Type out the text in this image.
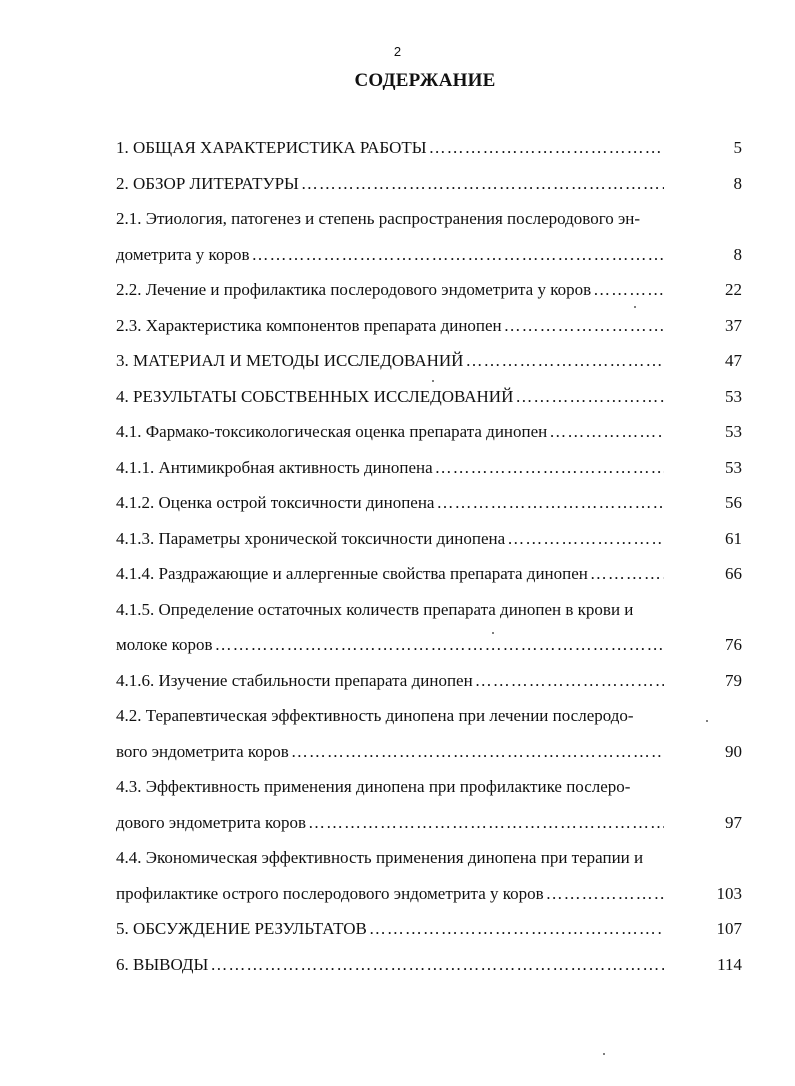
2
СОДЕРЖАНИЕ
1. ОБЩАЯ ХАРАКТЕРИСТИКА РАБОТЫ ……………………………………………………………………………………………………………………………………………………………………………………	5
2. ОБЗОР ЛИТЕРАТУРЫ ……………………………………………………………………………………………………………………………………………………………………………………	8
2.1. Этиология, патогенез и степень распространения послеродового эн-
дометрита у коров ……………………………………………………………………………………………………………………………………………………………………………………	8
2.2. Лечение и профилактика послеродового эндометрита у коров ……………………………………………………………………………………………………………………………………………………………………………………	22
2.3. Характеристика компонентов препарата динопен ……………………………………………………………………………………………………………………………………………………………………………………	37
3. МАТЕРИАЛ И МЕТОДЫ ИССЛЕДОВАНИЙ ……………………………………………………………………………………………………………………………………………………………………………………	47
4. РЕЗУЛЬТАТЫ СОБСТВЕННЫХ ИССЛЕДОВАНИЙ ……………………………………………………………………………………………………………………………………………………………………………………	53
4.1. Фармако-токсикологическая оценка препарата динопен ……………………………………………………………………………………………………………………………………………………………………………………	53
4.1.1. Антимикробная активность динопена ……………………………………………………………………………………………………………………………………………………………………………………	53
4.1.2. Оценка острой токсичности динопена ……………………………………………………………………………………………………………………………………………………………………………………	56
4.1.3. Параметры хронической токсичности динопена ……………………………………………………………………………………………………………………………………………………………………………………	61
4.1.4. Раздражающие и аллергенные свойства препарата динопен ……………………………………………………………………………………………………………………………………………………………………………………	66
4.1.5. Определение остаточных количеств препарата динопен в крови и
молоке коров ……………………………………………………………………………………………………………………………………………………………………………………	76
4.1.6. Изучение стабильности препарата динопен ……………………………………………………………………………………………………………………………………………………………………………………	79
4.2. Терапевтическая эффективность динопена при лечении послеродо-
вого эндометрита коров ……………………………………………………………………………………………………………………………………………………………………………………	90
4.3. Эффективность применения динопена при профилактике послеро-
дового эндометрита коров ……………………………………………………………………………………………………………………………………………………………………………………	97
4.4. Экономическая эффективность применения динопена при терапии и
профилактике острого послеродового эндометрита у коров ……………………………………………………………………………………………………………………………………………………………………………………	103
5. ОБСУЖДЕНИЕ РЕЗУЛЬТАТОВ ……………………………………………………………………………………………………………………………………………………………………………………	107
6. ВЫВОДЫ ……………………………………………………………………………………………………………………………………………………………………………………	114
